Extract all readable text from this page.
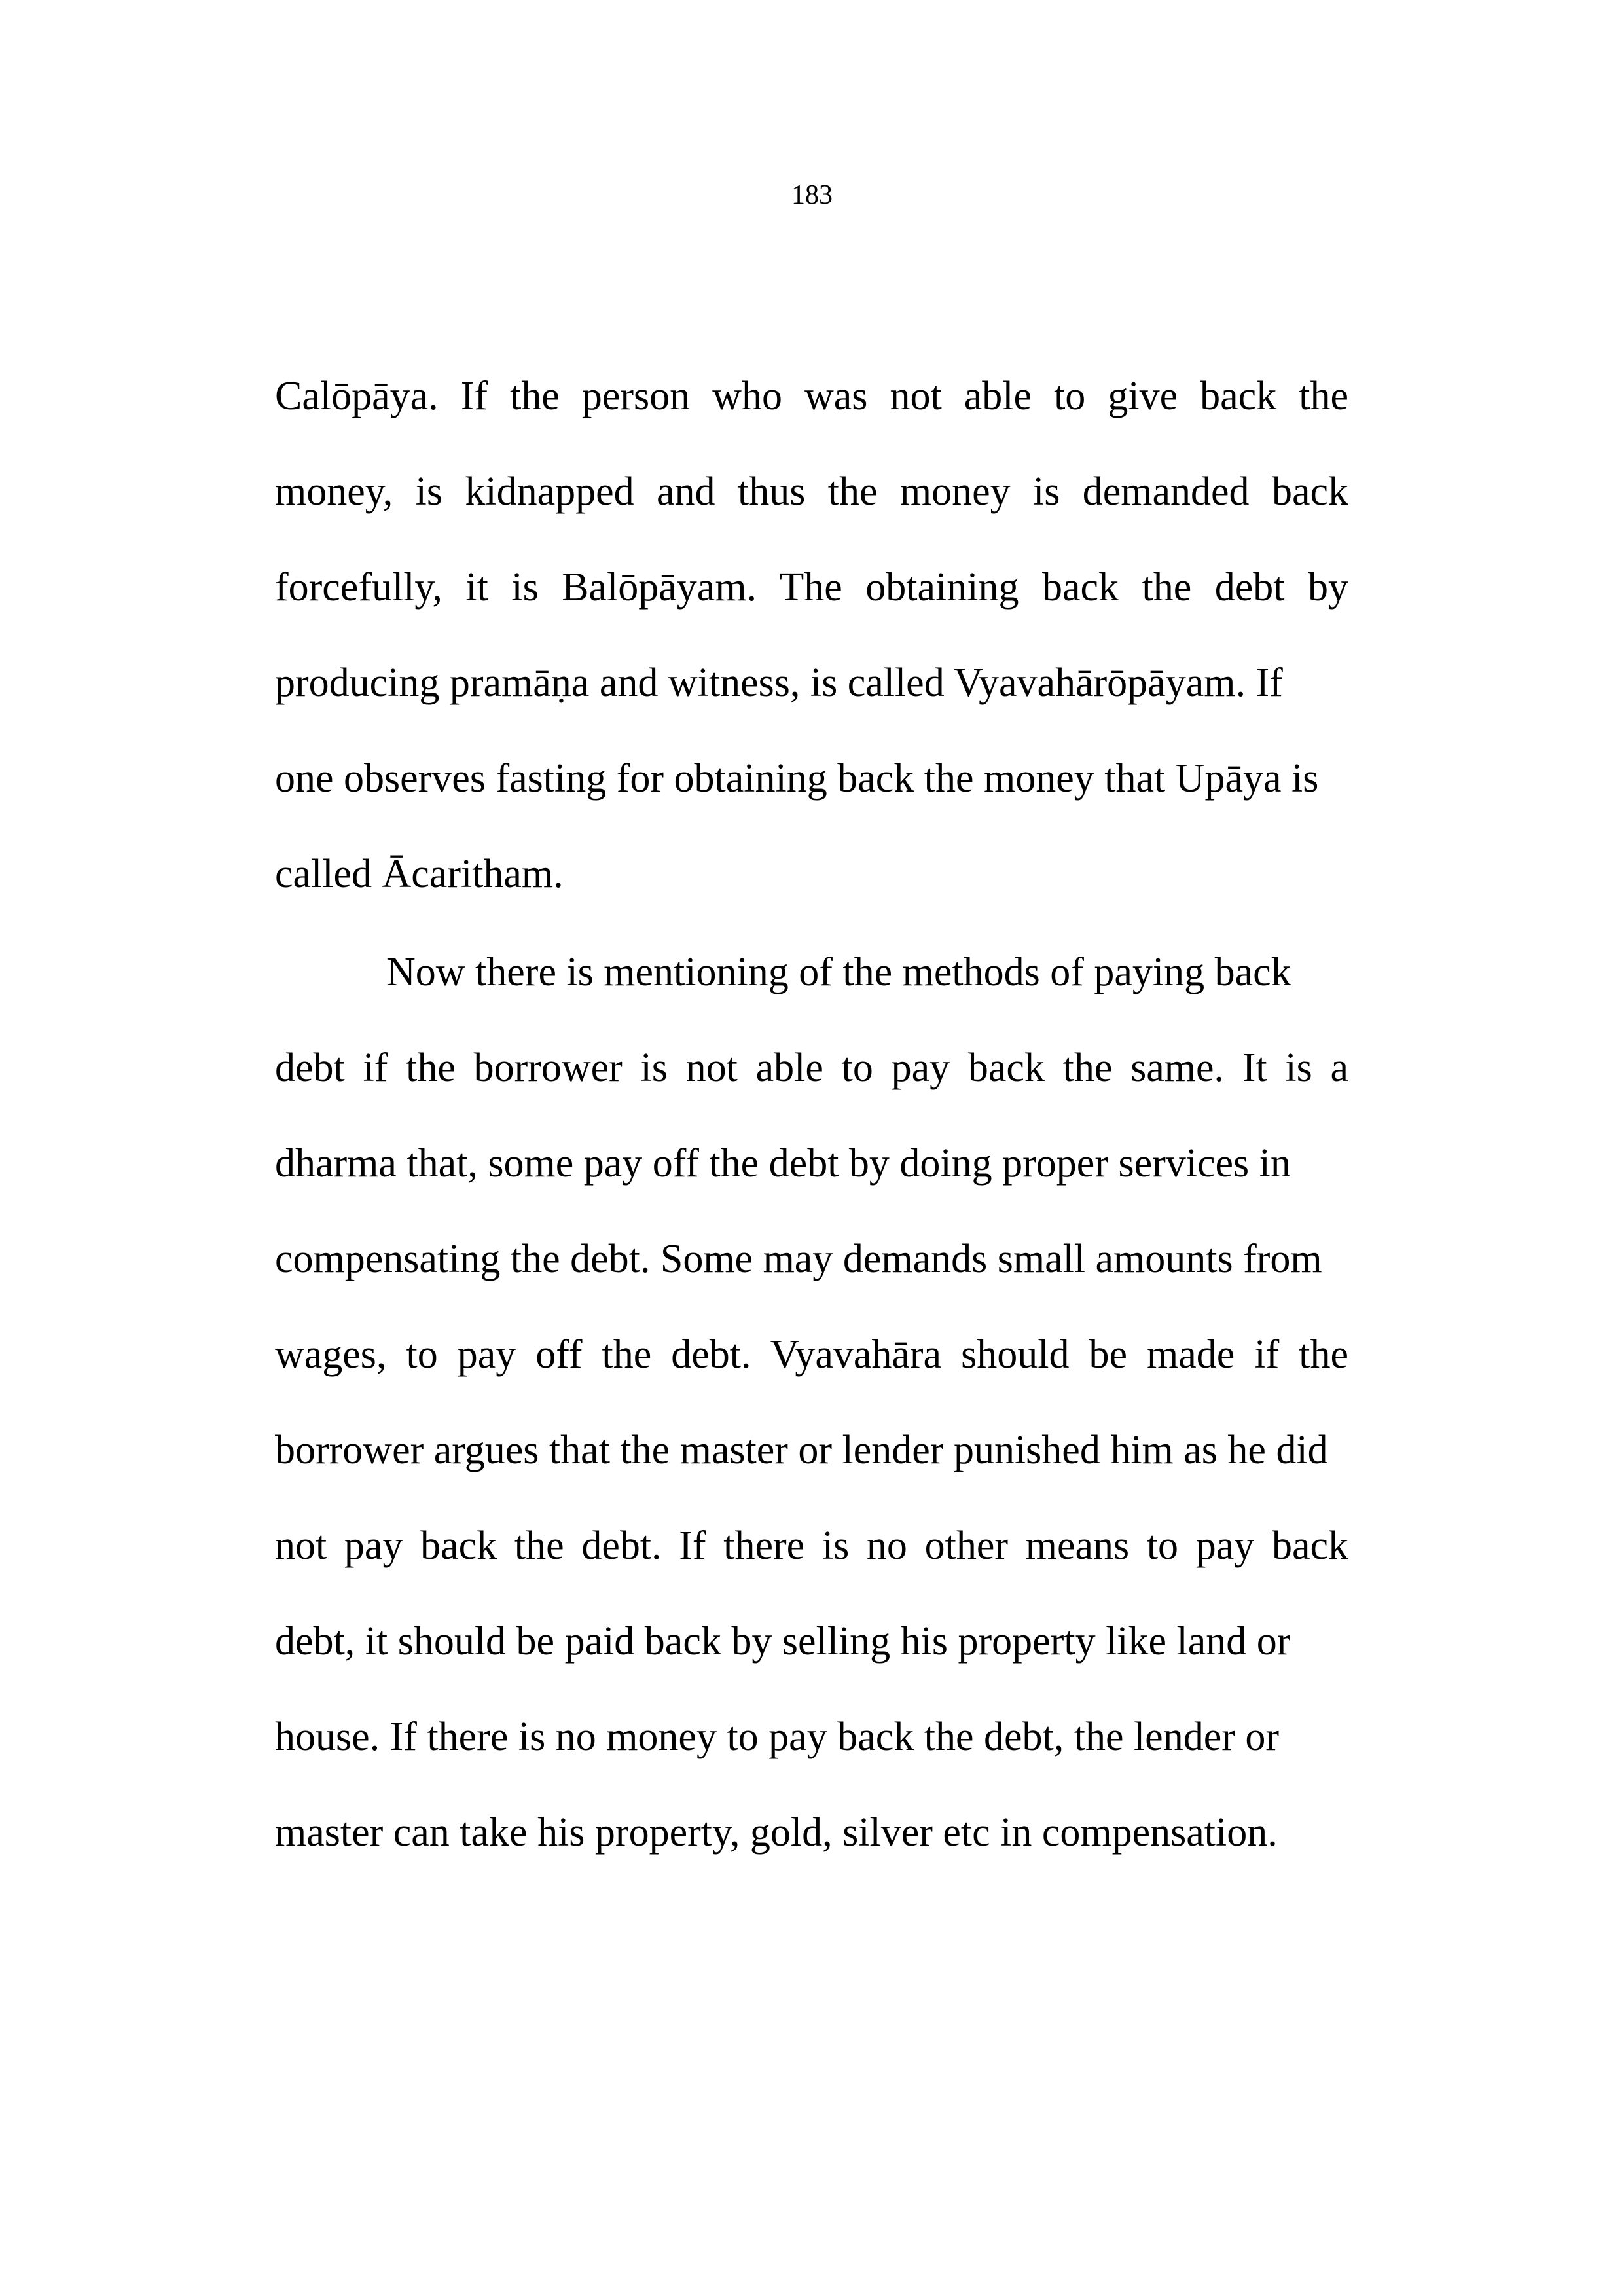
183
Calōpāya. If the person who was not able to give back the
money, is kidnapped and thus the money is demanded back
forcefully, it is Balōpāyam. The obtaining back the debt by
producing pramāṇa and witness, is called Vyavahārōpāyam. If
one observes fasting for obtaining back the money that Upāya is
called Ācaritham.
Now there is mentioning of the methods of paying back
debt if the borrower is not able to pay back the same. It is a
dharma that, some pay off the debt by doing proper services in
compensating the debt. Some may demands small amounts from
wages, to pay off the debt. Vyavahāra should be made if the
borrower argues that the master or lender punished him as he did
not pay back the debt. If there is no other means to pay back
debt, it should be paid back by selling his property like land or
house. If there is no money to pay back the debt, the lender or
master can take his property, gold, silver etc in compensation.
